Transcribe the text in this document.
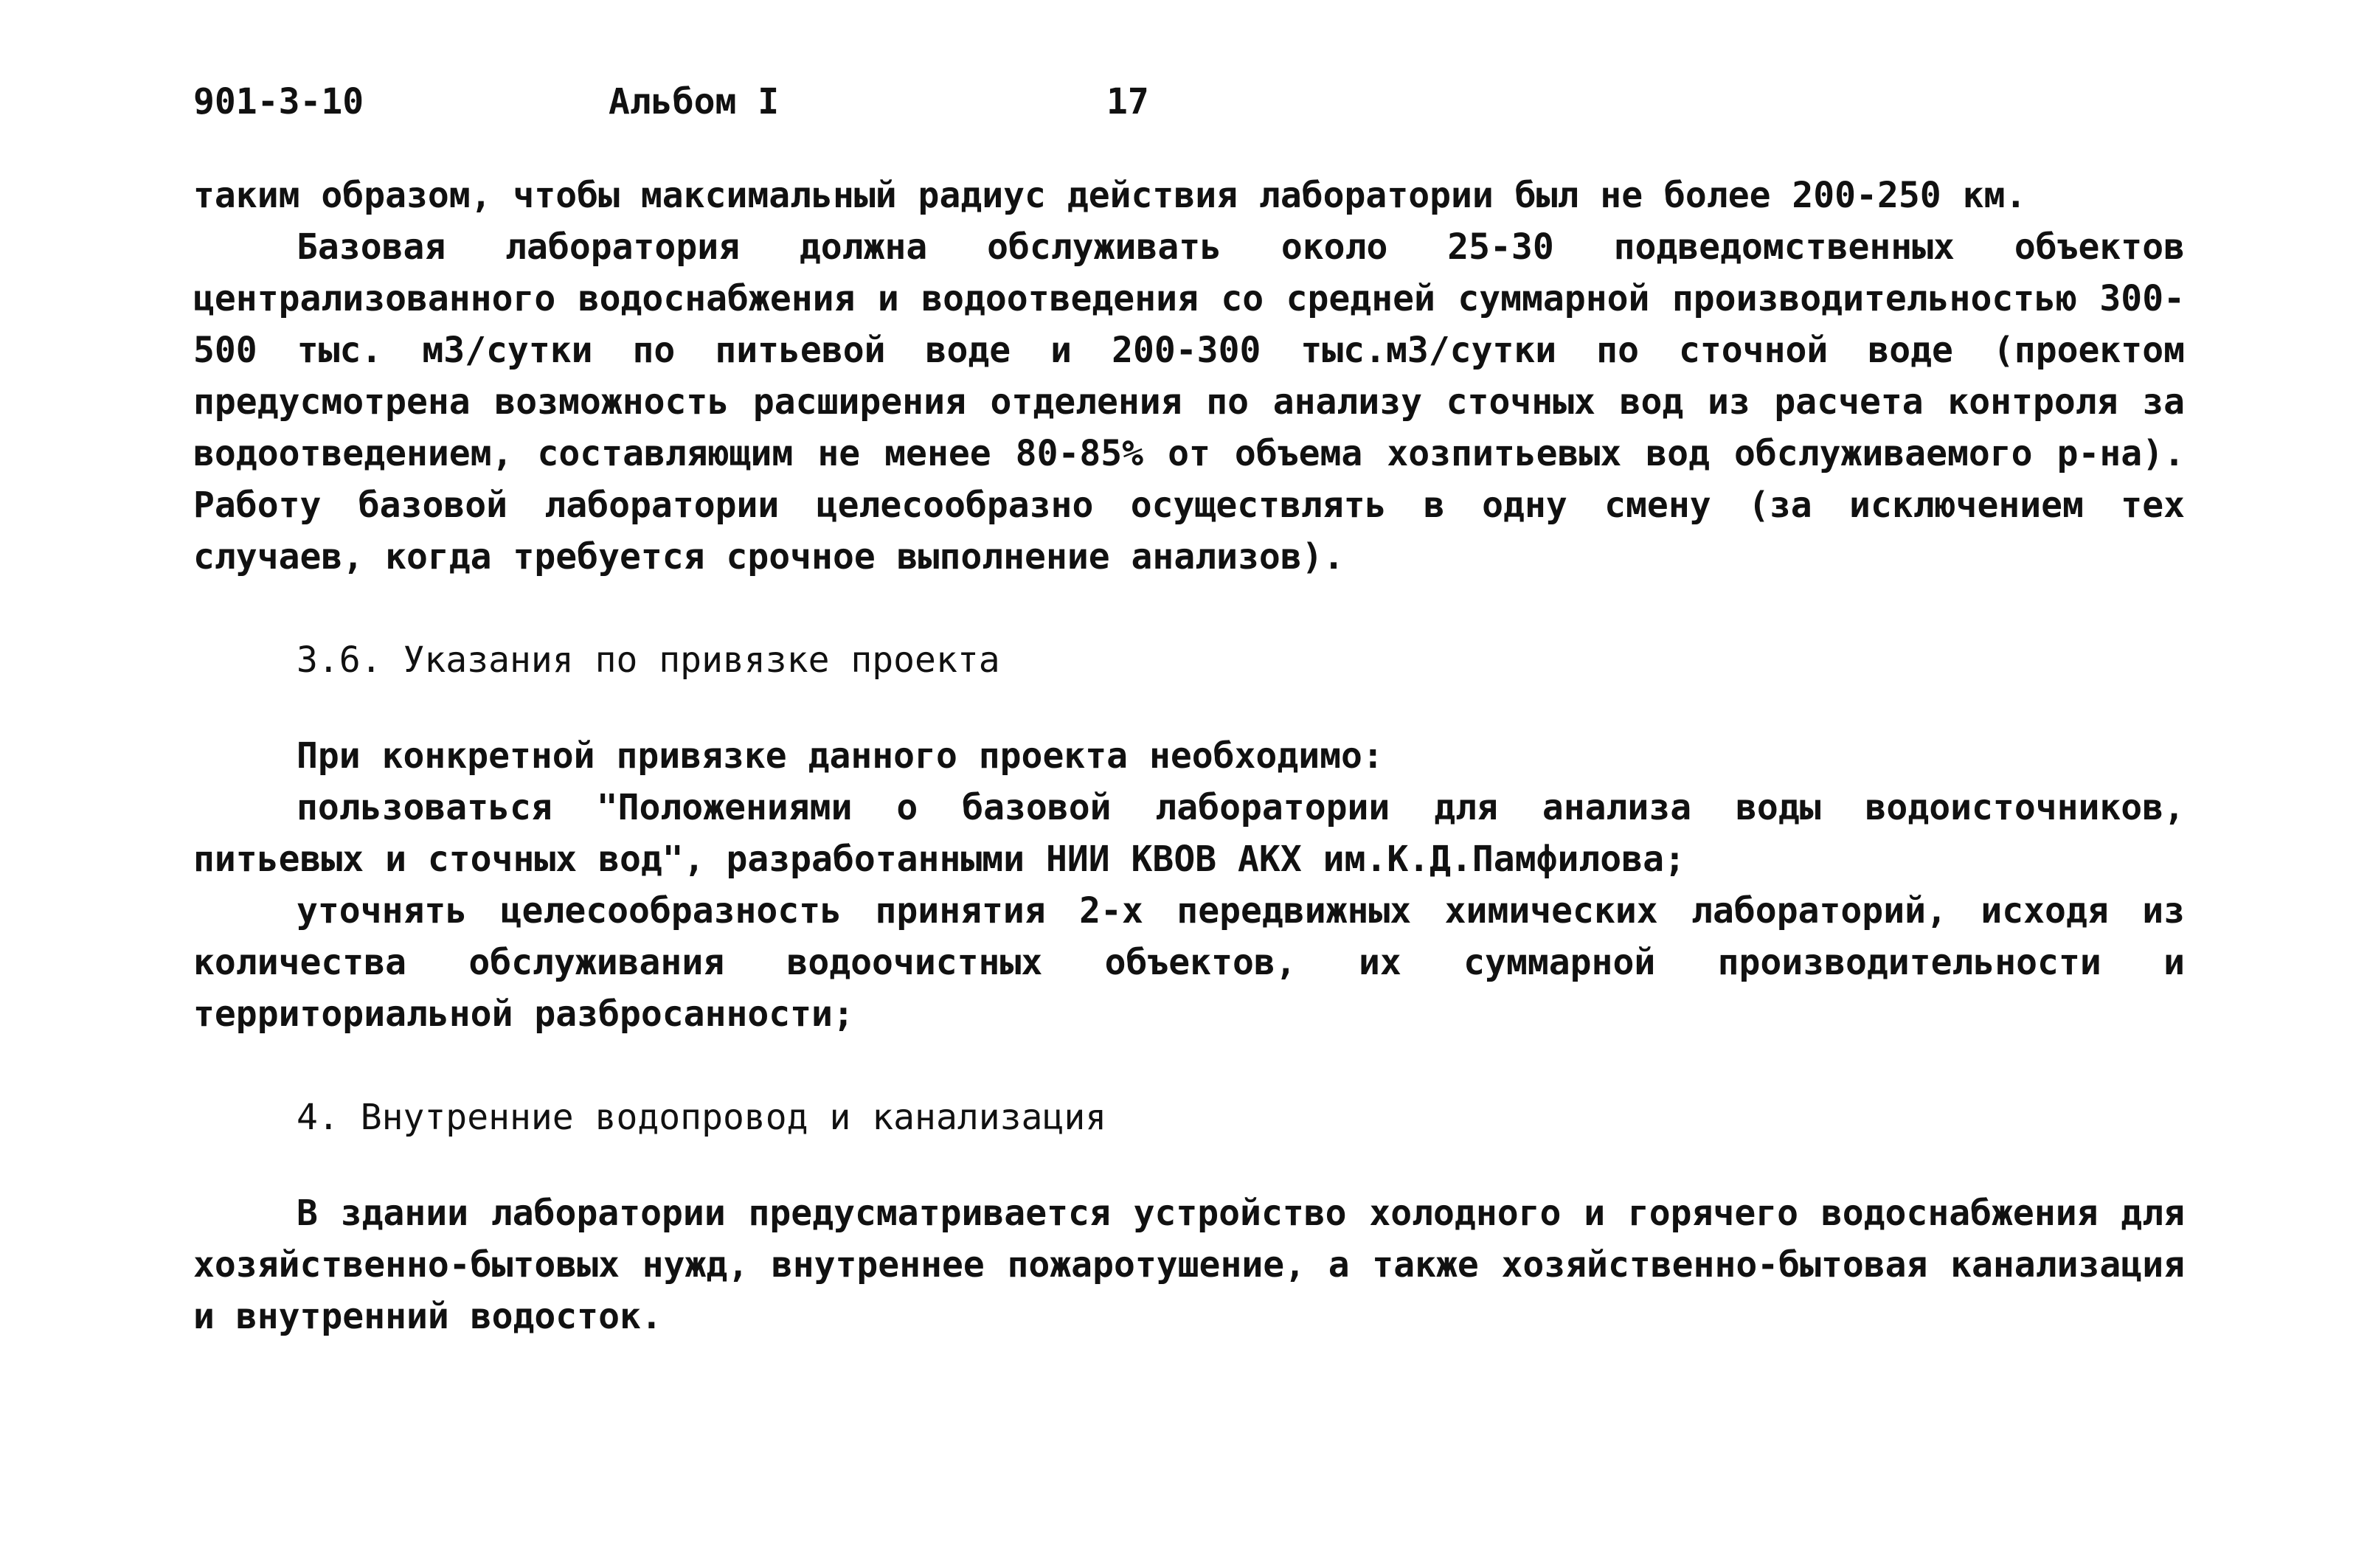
901-3-10	Альбом I	17

таким образом, чтобы максимальный радиус действия лаборатории был не более 200-250 км.

Базовая лаборатория должна обслуживать около 25-30 подведомственных объектов централизованного водоснабжения и водоотведения со средней суммарной производительностью 300-500 тыс. м3/сутки по питьевой воде и 200-300 тыс.м3/сутки по сточной воде (проектом предусмотрена возможность расширения отделения по анализу сточных вод из расчета контроля за водоотведением, составляющим не менее 80-85% от объема хозпитьевых вод обслуживаемого р-на). Работу базовой лаборатории целесообразно осуществлять в одну смену (за исключением тех случаев, когда требуется срочное выполнение анализов).

3.6. Указания по привязке проекта

При конкретной привязке данного проекта необходимо:

пользоваться "Положениями о базовой лаборатории для анализа воды водоисточников, питьевых и сточных вод", разработанными НИИ КВОВ АКХ им.К.Д.Памфилова;

уточнять целесообразность принятия 2-х передвижных химических лабораторий, исходя из количества обслуживания водоочистных объектов, их суммарной производительности и территориальной разбросанности;

4. Внутренние водопровод и канализация

В здании лаборатории предусматривается устройство холодного и горячего водоснабжения для хозяйственно-бытовых нужд, внутреннее пожаротушение, а также хозяйственно-бытовая канализация и внутренний водосток.
